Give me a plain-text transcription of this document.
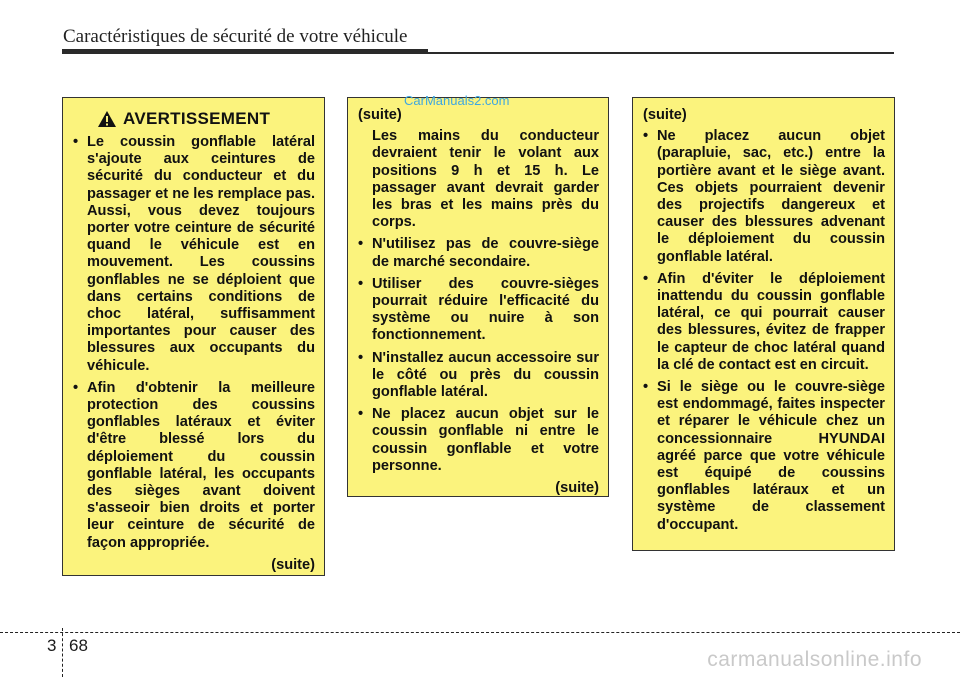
Caractéristiques de sécurité de votre véhicule
AVERTISSEMENT
• Le coussin gonflable latéral s'ajoute aux ceintures de sécurité du conducteur et du passager et ne les remplace pas. Aussi, vous devez toujours porter votre ceinture de sécurité quand le véhicule est en mouvement. Les coussins gonflables ne se déploient que dans certains conditions de choc latéral, suffisamment importantes pour causer des blessures aux occupants du véhicule.
• Afin d'obtenir la meilleure protection des coussins gonflables latéraux et éviter d'être blessé lors du déploiement du coussin gonflable latéral, les occupants des sièges avant doivent s'asseoir bien droits et porter leur ceinture de sécurité de façon appropriée.
(suite)
(suite)
Les mains du conducteur devraient tenir le volant aux positions 9 h et 15 h. Le passager avant devrait garder les bras et les mains près du corps.
• N'utilisez pas de couvre-siège de marché secondaire.
• Utiliser des couvre-sièges pourrait réduire l'efficacité du système ou nuire à son fonctionnement.
• N'installez aucun accessoire sur le côté ou près du coussin gonflable latéral.
• Ne placez aucun objet sur le coussin gonflable ni entre le coussin gonflable et votre personne.
(suite)
(suite)
• Ne placez aucun objet (parapluie, sac, etc.) entre la portière avant et le siège avant. Ces objets pourraient devenir des projectifs dangereux et causer des blessures advenant le déploiement du coussin gonflable latéral.
• Afin d'éviter le déploiement inattendu du coussin gonflable latéral, ce qui pourrait causer des blessures, évitez de frapper le capteur de choc latéral quand la clé de contact est en circuit.
• Si le siège ou le couvre-siège est endommagé, faites inspecter et réparer le véhicule chez un concessionnaire HYUNDAI agréé parce que votre véhicule est équipé de coussins gonflables latéraux et un système de classement d'occupant.
CarManuals2.com
3 68
carmanualsonline.info
